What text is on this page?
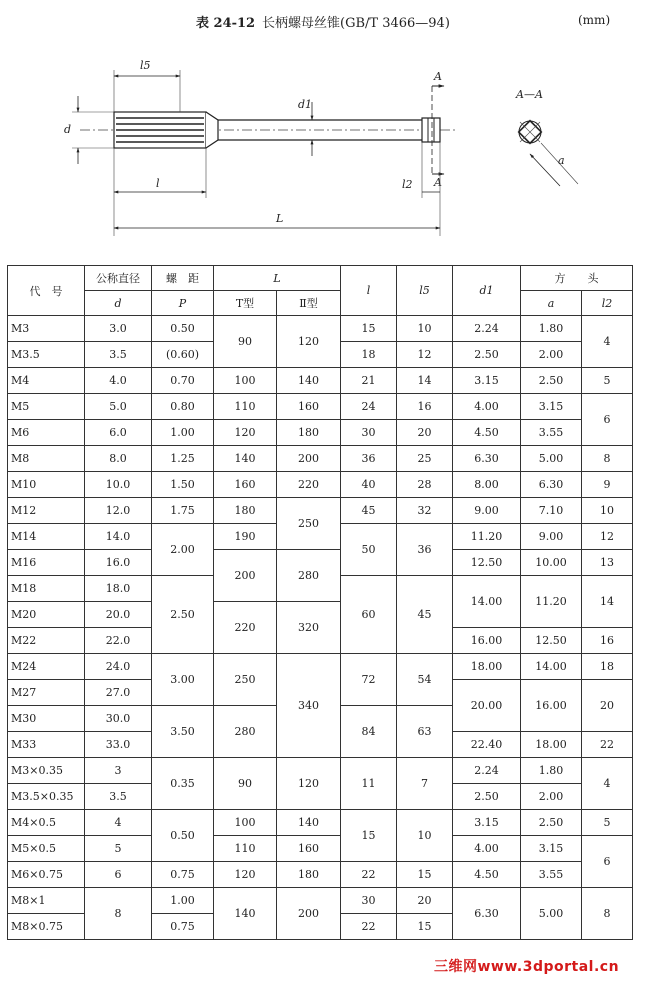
表 24-12 长柄螺母丝锥(GB/T 3466—94)	(mm)
A
A
d
d1
l5
l	l2
L
A—A
a
代　号	公称直径	螺　距	L		l	l5	d1	方　　头	
	d	P	T型	Ⅱ型				a	l2
M3	3.0	0.50	90	120	15	10	2.24	1.80	4
M3.5	3.5	(0.60)			18	12	2.50	2.00	
M4	4.0	0.70	100	140	21	14	3.15	2.50	5
M5	5.0	0.80	110	160	24	16	4.00	3.15	6
M6	6.0	1.00	120	180	30	20	4.50	3.55	
M8	8.0	1.25	140	200	36	25	6.30	5.00	8
M10	10.0	1.50	160	220	40	28	8.00	6.30	9
M12	12.0	1.75	180	250	45	32	9.00	7.10	10
M14	14.0	2.00	190		50	36	11.20	9.00	12
M16	16.0		200	280			12.50	10.00	13
M18	18.0	2.50			60	45	14.00	11.20	14
M20	20.0		220	320					
M22	22.0						16.00	12.50	16
M24	24.0	3.00	250	340	72	54	18.00	14.00	18
M27	27.0						20.00	16.00	20
M30	30.0	3.50	280		84	63			
M33	33.0						22.40	18.00	22
M3×0.35	3	0.35	90	120	11	7	2.24	1.80	4
M3.5×0.35	3.5						2.50	2.00	
M4×0.5	4	0.50	100	140	15	10	3.15	2.50	5
M5×0.5	5		110	160			4.00	3.15	6
M6×0.75	6	0.75	120	180	22	15	4.50	3.55	
M8×1	8	1.00	140	200	30	20	6.30	5.00	8
M8×0.75		0.75			22	15			
三维网www.3dportal.cn
